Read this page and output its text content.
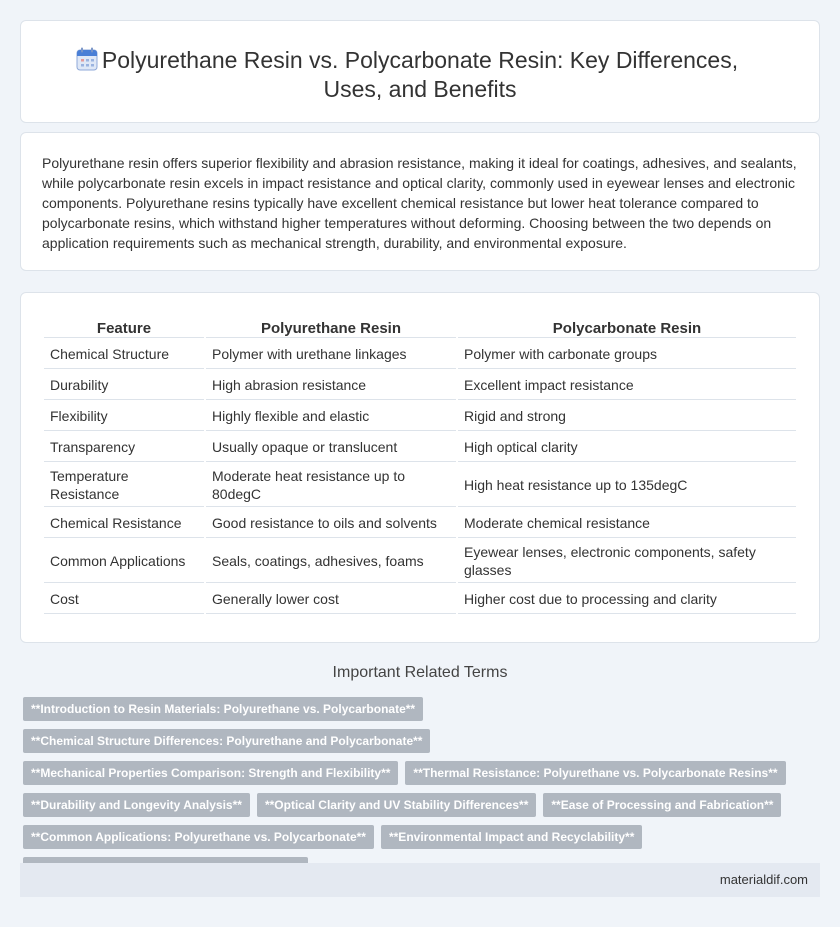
Polyurethane Resin vs. Polycarbonate Resin: Key Differences, Uses, and Benefits

Polyurethane resin offers superior flexibility and abrasion resistance, making it ideal for coatings, adhesives, and sealants, while polycarbonate resin excels in impact resistance and optical clarity, commonly used in eyewear lenses and electronic components. Polyurethane resins typically have excellent chemical resistance but lower heat tolerance compared to polycarbonate resins, which withstand higher temperatures without deforming. Choosing between the two depends on application requirements such as mechanical strength, durability, and environmental exposure.

Feature	Polyurethane Resin	Polycarbonate Resin
Chemical Structure	Polymer with urethane linkages	Polymer with carbonate groups
Durability	High abrasion resistance	Excellent impact resistance
Flexibility	Highly flexible and elastic	Rigid and strong
Transparency	Usually opaque or translucent	High optical clarity
Temperature Resistance	Moderate heat resistance up to 80degC	High heat resistance up to 135degC
Chemical Resistance	Good resistance to oils and solvents	Moderate chemical resistance
Common Applications	Seals, coatings, adhesives, foams	Eyewear lenses, electronic components, safety glasses
Cost	Generally lower cost	Higher cost due to processing and clarity
Important Related Terms
**Introduction to Resin Materials: Polyurethane vs. Polycarbonate**
**Chemical Structure Differences: Polyurethane and Polycarbonate**
**Mechanical Properties Comparison: Strength and Flexibility**	**Thermal Resistance: Polyurethane vs. Polycarbonate Resins**
**Durability and Longevity Analysis**	**Optical Clarity and UV Stability Differences**	**Ease of Processing and Fabrication**
**Common Applications: Polyurethane vs. Polycarbonate**	**Environmental Impact and Recyclability**
materialdif.com
